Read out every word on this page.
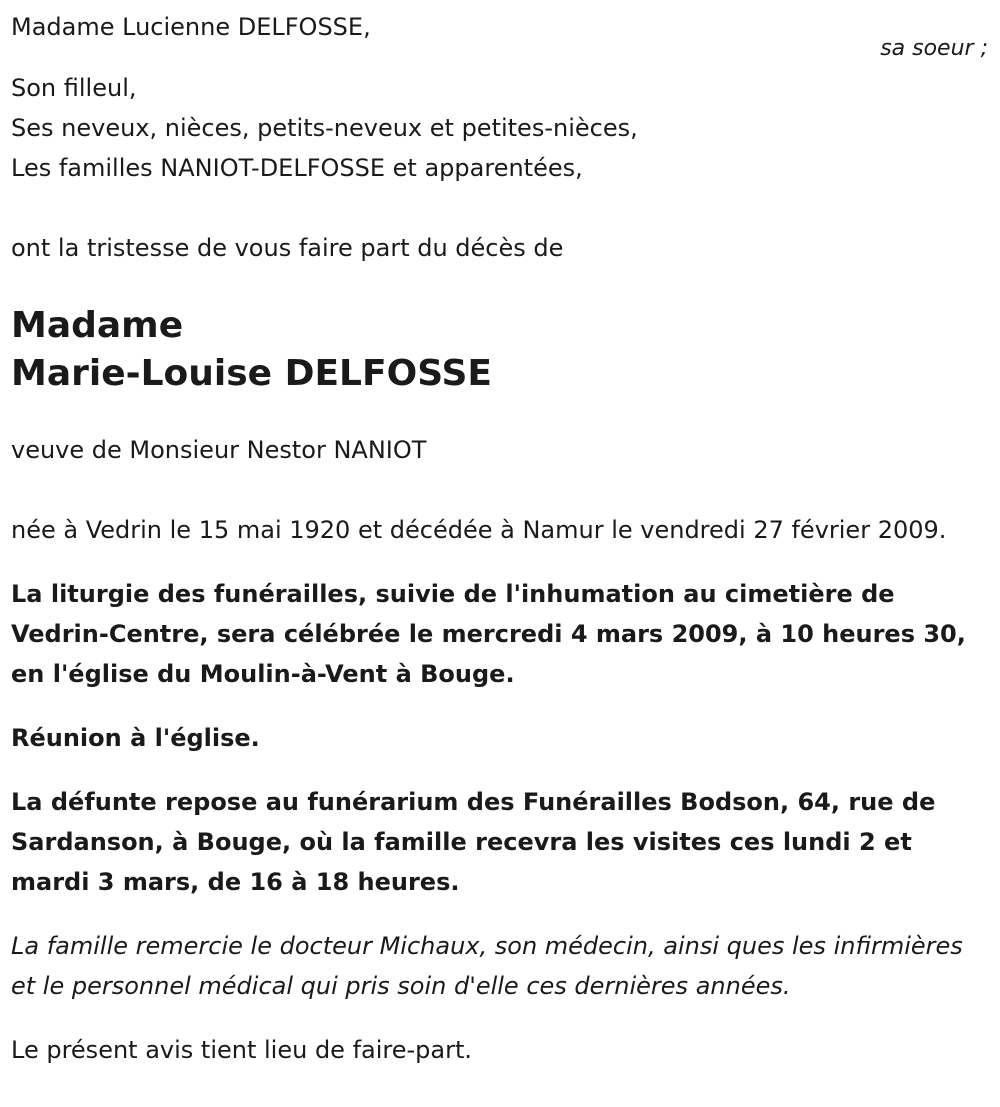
Madame Lucienne DELFOSSE,

sa soeur ;

Son filleul,

Ses neveux, nièces, petits-neveux et petites-nièces,

Les familles NANIOT-DELFOSSE et apparentées,

ont la tristesse de vous faire part du décès de

Madame
Marie-Louise DELFOSSE

veuve de Monsieur Nestor NANIOT

née à Vedrin le 15 mai 1920 et décédée à Namur le vendredi 27 février 2009.

La liturgie des funérailles, suivie de l'inhumation au cimetière de Vedrin-Centre, sera célébrée le mercredi 4 mars 2009, à 10 heures 30, en l'église du Moulin-à-Vent à Bouge.

Réunion à l'église.

La défunte repose au funérarium des Funérailles Bodson, 64, rue de Sardanson, à Bouge, où la famille recevra les visites ces lundi 2 et mardi 3 mars, de 16 à 18 heures.

La famille remercie le docteur Michaux, son médecin, ainsi ques les infirmières et le personnel médical qui pris soin d'elle ces dernières années.

Le présent avis tient lieu de faire-part.
